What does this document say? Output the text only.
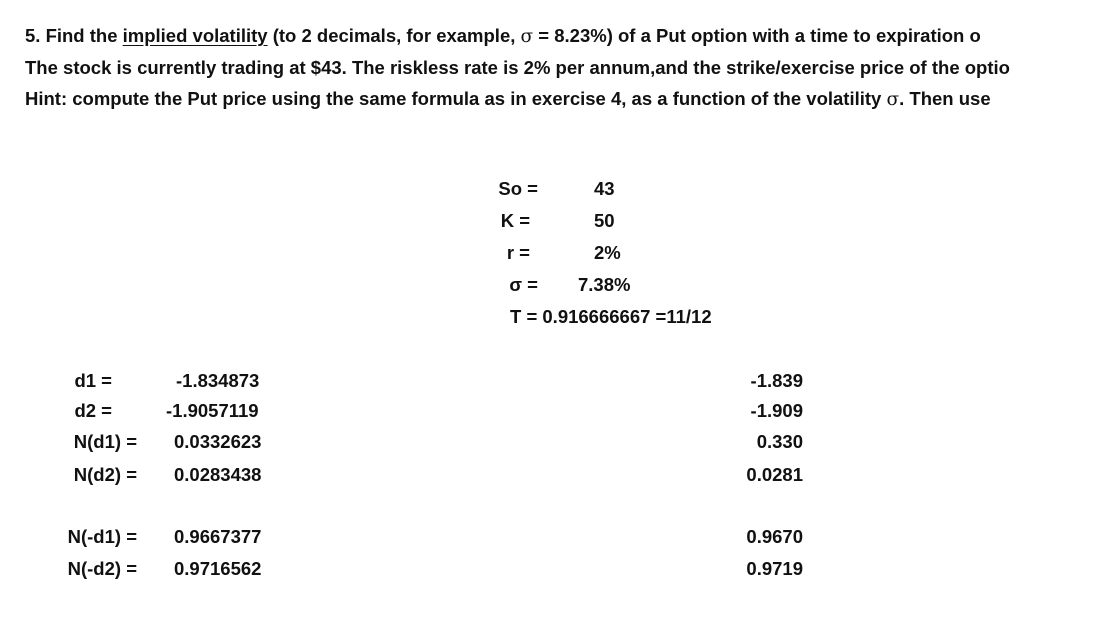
5. Find the implied volatility (to 2 decimals, for example, σ = 8.23%) of a Put option with a time to expiration o
The stock is currently trading at $43. The riskless rate is 2% per annum,and the strike/exercise price of the optio
Hint: compute the Put price using the same formula as in exercise 4, as a function of the volatility σ. Then use
So =	43
K =	50
r =	2%
σ = 7.38%
T = 0.916666667 =11/12
d1 =	-1.834873	-1.839
d2 =	-1.9057119	-1.909
N(d1) = 0.0332623	0.330
N(d2) = 0.0283438	0.0281
N(-d1) = 0.9667377	0.9670
N(-d2) = 0.9716562	0.9719
